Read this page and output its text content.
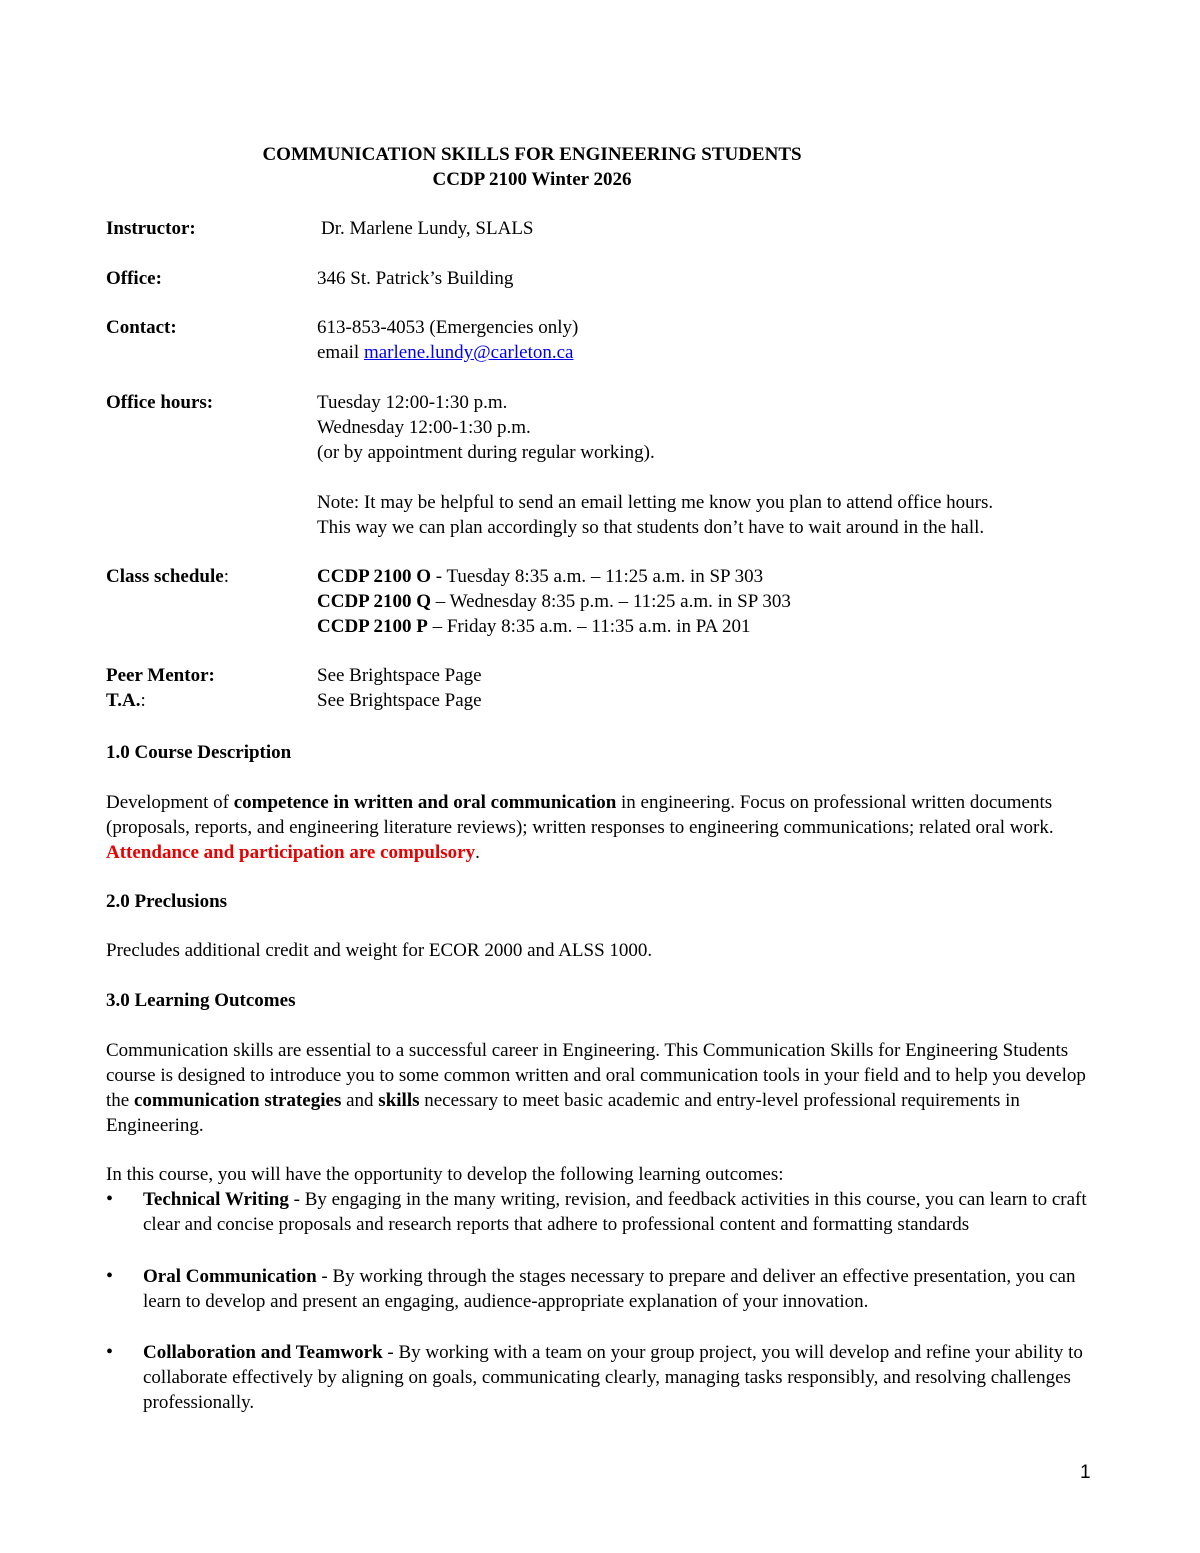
COMMUNICATION SKILLS FOR ENGINEERING STUDENTS
CCDP 2100 Winter 2026
Instructor:	Dr. Marlene Lundy, SLALS
Office:	346 St. Patrick’s Building
Contact:	613-853-4053 (Emergencies only)
email marlene.lundy@carleton.ca
Office hours:	Tuesday 12:00-1:30 p.m.
Wednesday 12:00-1:30 p.m.
(or by appointment during regular working).
Note: It may be helpful to send an email letting me know you plan to attend office hours.
This way we can plan accordingly so that students don’t have to wait around in the hall.
Class schedule:	CCDP 2100 O - Tuesday 8:35 a.m. – 11:25 a.m. in SP 303
CCDP 2100 Q – Wednesday 8:35 p.m. – 11:25 a.m. in SP 303
CCDP 2100 P – Friday 8:35 a.m. – 11:35 a.m. in PA 201
Peer Mentor:	See Brightspace Page
T.A.:	See Brightspace Page
1.0 Course Description
Development of competence in written and oral communication in engineering. Focus on professional written documents (proposals, reports, and engineering literature reviews); written responses to engineering communications; related oral work. Attendance and participation are compulsory.
2.0 Preclusions
Precludes additional credit and weight for ECOR 2000 and ALSS 1000.
3.0 Learning Outcomes
Communication skills are essential to a successful career in Engineering. This Communication Skills for Engineering Students course is designed to introduce you to some common written and oral communication tools in your field and to help you develop the communication strategies and skills necessary to meet basic academic and entry-level professional requirements in Engineering.
In this course, you will have the opportunity to develop the following learning outcomes:
• Technical Writing - By engaging in the many writing, revision, and feedback activities in this course, you can learn to craft clear and concise proposals and research reports that adhere to professional content and formatting standards
• Oral Communication - By working through the stages necessary to prepare and deliver an effective presentation, you can learn to develop and present an engaging, audience-appropriate explanation of your innovation.
• Collaboration and Teamwork - By working with a team on your group project, you will develop and refine your ability to collaborate effectively by aligning on goals, communicating clearly, managing tasks responsibly, and resolving challenges professionally.
1
